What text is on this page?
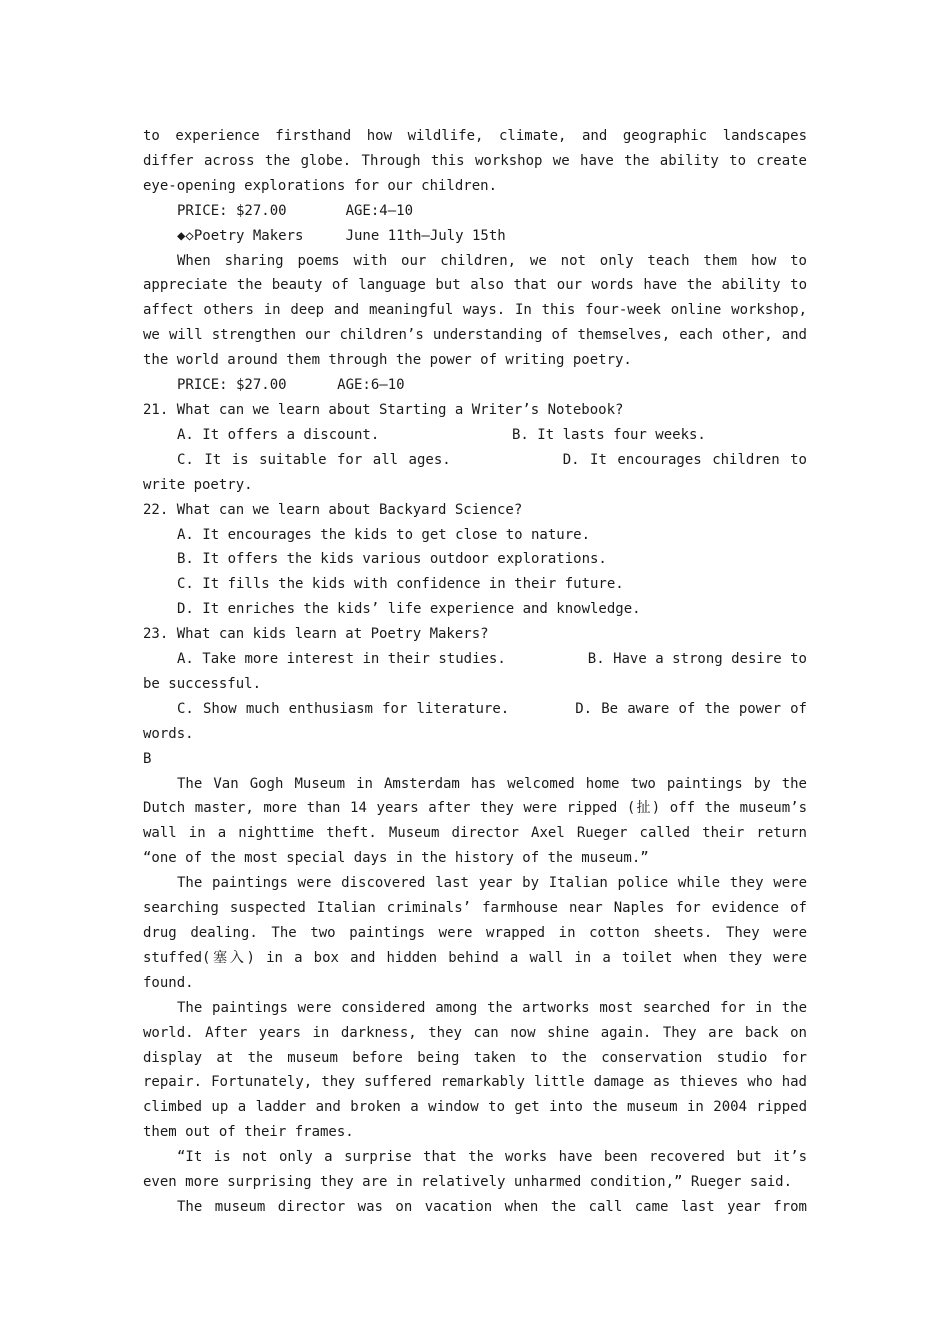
to experience firsthand how wildlife, climate, and geographic landscapes differ across the globe. Through this workshop we have the ability to create eye-opening explorations for our children.

PRICE: $27.00       AGE:4—10

◆◇Poetry Makers     June 11th—July 15th

When sharing poems with our children, we not only teach them how to appreciate the beauty of language but also that our words have the ability to affect others in deep and meaningful ways. In this four-week online workshop, we will strengthen our children’s understanding of themselves, each other, and the world around them through the power of writing poetry.

PRICE: $27.00      AGE:6—10

21. What can we learn about Starting a Writer’s Notebook?

A. It offers a discount.	B. It lasts four weeks.

C. It is suitable for all ages.	D. It encourages children to write poetry.

22. What can we learn about Backyard Science?

A. It encourages the kids to get close to nature.

B. It offers the kids various outdoor explorations.

C. It fills the kids with confidence in their future.

D. It enriches the kids’ life experience and knowledge.

23. What can kids learn at Poetry Makers?

A. Take more interest in their studies.	B. Have a strong desire to be successful.

C. Show much enthusiasm for literature.	D. Be aware of the power of words.

B

The Van Gogh Museum in Amsterdam has welcomed home two paintings by the Dutch master, more than 14 years after they were ripped (扯) off the museum’s wall in a nighttime theft. Museum director Axel Rueger called their return “one of the most special days in the history of the museum.”

The paintings were discovered last year by Italian police while they were searching suspected Italian criminals’ farmhouse near Naples for evidence of drug dealing. The two paintings were wrapped in cotton sheets. They were stuffed(塞入) in a box and hidden behind a wall in a toilet when they were found.

The paintings were considered among the artworks most searched for in the world. After years in darkness, they can now shine again. They are back on display at the museum before being taken to the conservation studio for repair. Fortunately, they suffered remarkably little damage as thieves who had climbed up a ladder and broken a window to get into the museum in 2004 ripped them out of their frames.

“It is not only a surprise that the works have been recovered but it’s even more surprising they are in relatively unharmed condition,” Rueger said.

The museum director was on vacation when the call came last year from
